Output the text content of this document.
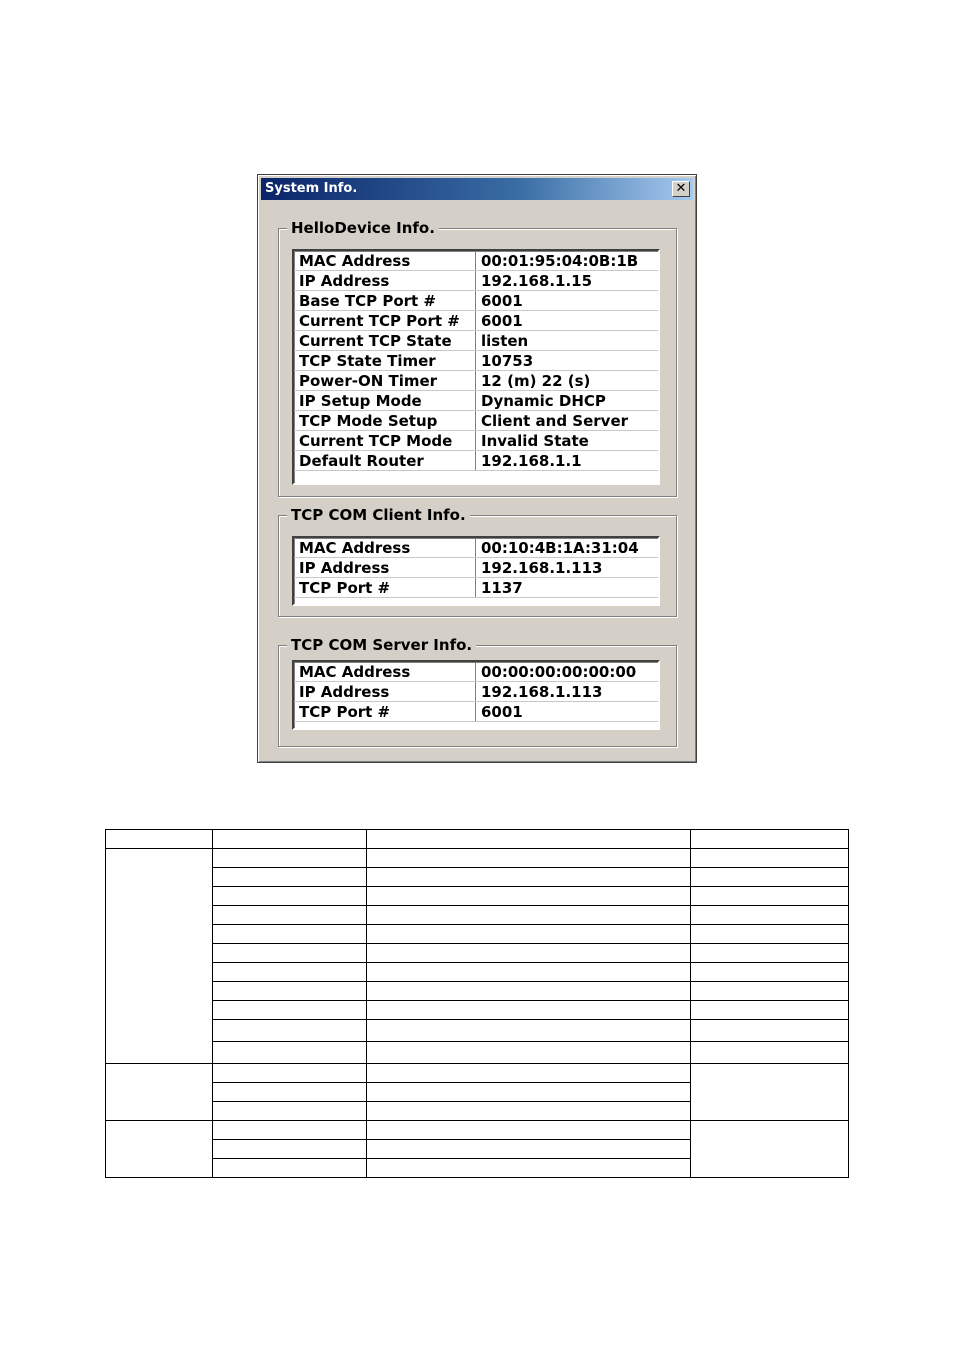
System Info.	✕
HelloDevice Info.
MAC Address	00:01:95:04:0B:1B
IP Address	192.168.1.15
Base TCP Port #	6001
Current TCP Port #	6001
Current TCP State	listen
TCP State Timer	10753
Power-ON Timer	12 (m) 22 (s)
IP Setup Mode	Dynamic DHCP
TCP Mode Setup	Client and Server
Current TCP Mode	Invalid State
Default Router	192.168.1.1
TCP COM Client Info.
MAC Address	00:10:4B:1A:31:04
IP Address	192.168.1.113
TCP Port #	1137
TCP COM Server Info.
MAC Address	00:00:00:00:00:00
IP Address	192.168.1.113
TCP Port #	6001
